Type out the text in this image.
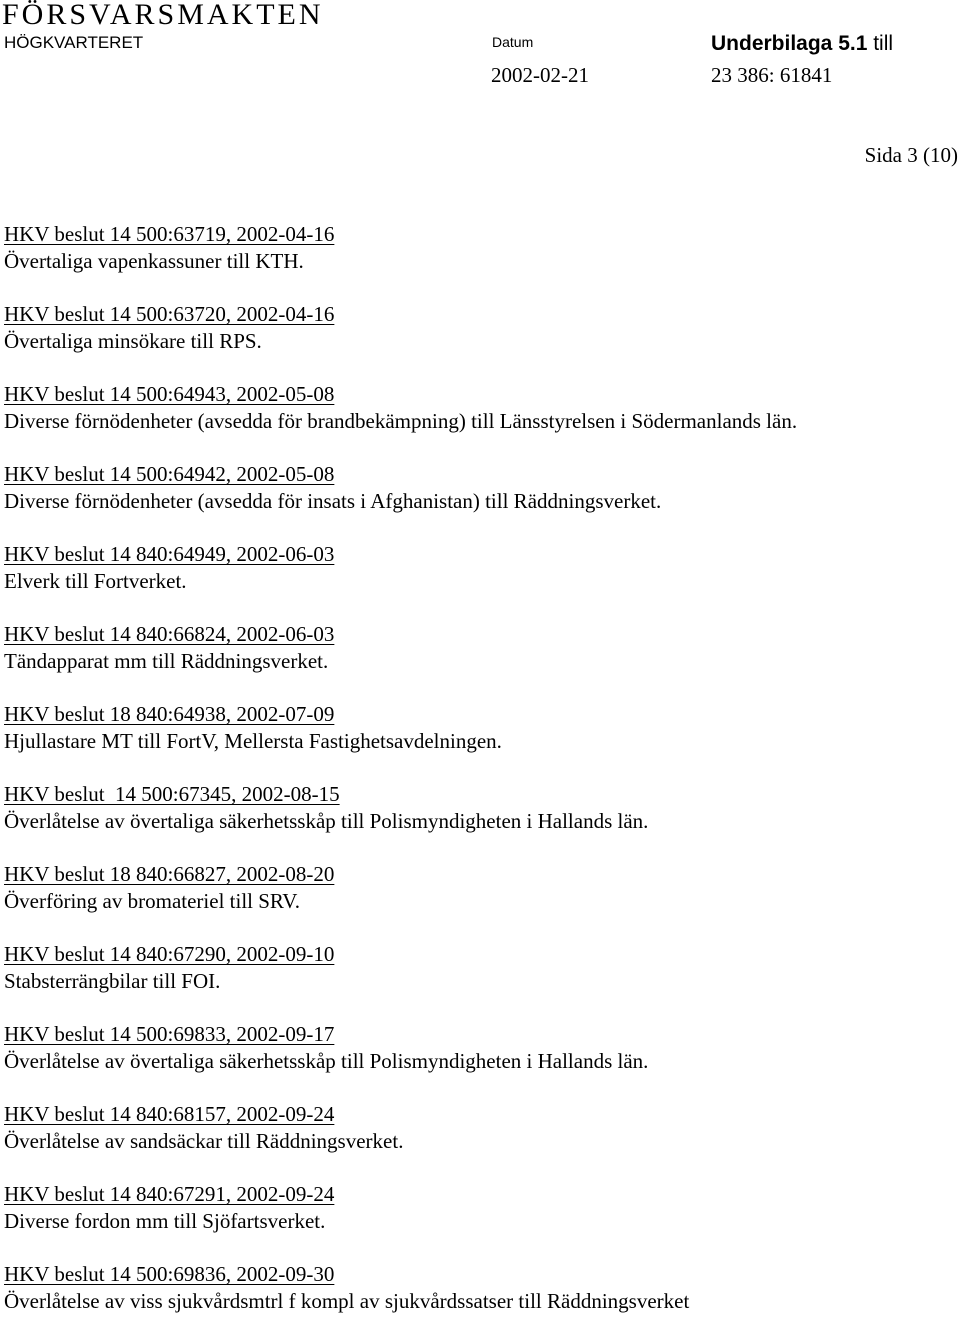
FÖRSVARSMAKTEN
HÖGKVARTERET	Datum	Underbilaga 5.1 till
2002-02-21	23 386: 61841
Sida 3 (10)
HKV beslut 14 500:63719, 2002-04-16
Övertaliga vapenkassuner till KTH.
HKV beslut 14 500:63720, 2002-04-16
Övertaliga minsökare till RPS.
HKV beslut 14 500:64943, 2002-05-08
Diverse förnödenheter (avsedda för brandbekämpning) till Länsstyrelsen i Södermanlands län.
HKV beslut 14 500:64942, 2002-05-08
Diverse förnödenheter (avsedda för insats i Afghanistan) till Räddningsverket.
HKV beslut 14 840:64949, 2002-06-03
Elverk till Fortverket.
HKV beslut 14 840:66824, 2002-06-03
Tändapparat mm till Räddningsverket.
HKV beslut 18 840:64938, 2002-07-09
Hjullastare MT till FortV, Mellersta Fastighetsavdelningen.
HKV beslut  14 500:67345, 2002-08-15
Överlåtelse av övertaliga säkerhetsskåp till Polismyndigheten i Hallands län.
HKV beslut 18 840:66827, 2002-08-20
Överföring av bromateriel till SRV.
HKV beslut 14 840:67290, 2002-09-10
Stabsterrängbilar till FOI.
HKV beslut 14 500:69833, 2002-09-17
Överlåtelse av övertaliga säkerhetsskåp till Polismyndigheten i Hallands län.
HKV beslut 14 840:68157, 2002-09-24
Överlåtelse av sandsäckar till Räddningsverket.
HKV beslut 14 840:67291, 2002-09-24
Diverse fordon mm till Sjöfartsverket.
HKV beslut 14 500:69836, 2002-09-30
Överlåtelse av viss sjukvårdsmtrl f kompl av sjukvårdssatser till Räddningsverket
